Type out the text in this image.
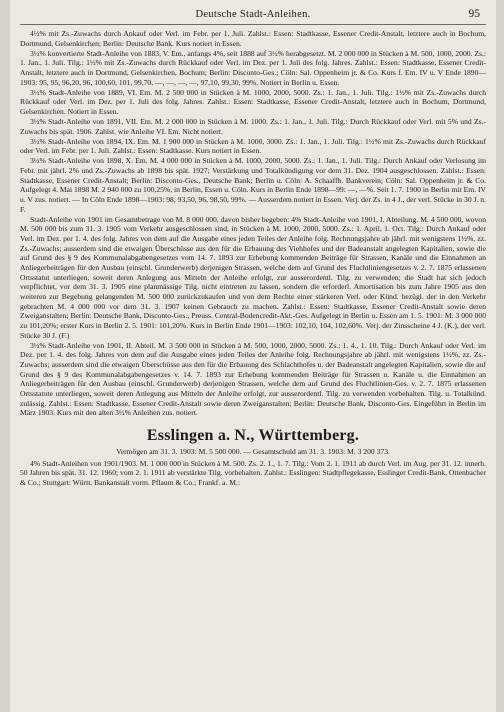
Deutsche Stadt-Anleihen.	95

4½% mit Zs.-Zuwachs durch Ankauf oder Verl. im Febr. per 1. Juli. Zahlst.: Essen: Stadtkasse, Essener Credit-Anstalt, letztere auch in Bochum, Dortmund, Gelsenkirchen; Berlin: Deutsche Bank. Kurs notiert in Essen.

3½% konvertierte Stadt-Anleihe von 1883, V. Em., anfangs 4%, seit 1888 auf 3½% herabgesetzt. M. 2 000 000 in Stücken à M. 500, 1000, 2000. Zs.: 1. Jan., 1. Juli. Tilg.: 1½% mit Zs.-Zuwachs durch Rückkauf oder Verl. im Dez. per 1. Juli des folg. Jahres. Zahlst.: Essen: Stadtkasse, Essener Credit-Anstalt, letztere auch in Dortmund, Gelsenkirchen, Bochum; Berlin: Disconto-Ges.; Cöln: Sal. Oppenheim jr. & Co. Kurs f. Em. IV u. V Ende 1890—1903: 95, 95, 96,20, 96, 100,60, 101, 99,70, —, —, —, —, 97,10, 99,30, 99%. Notiert in Berlin u. Essen.

3½% Stadt-Anleihe von 1889, VI. Em. M. 2 500 000 in Stücken à M. 1000, 2000, 5000. Zs.: 1. Jan., 1. Juli. Tilg.: 1½% mit Zs.-Zuwachs durch Rückkauf oder Verl. im Dez. per 1. Juli des folg. Jahres. Zahlst.: Essen: Stadtkasse, Essener Credit-Anstalt, letztere auch in Bochum, Dortmund, Gelsenkirchen. Notiert in Essen.

3½% Stadt-Anleihe von 1891, VII. Em. M. 2 000 000 in Stücken à M. 1000. Zs.: 1. Jan., 1. Juli. Tilg.: Durch Rückkauf oder Verl. mit 5% und Zs.-Zuwachs bis spät. 1906. Zahlst. wie Anleihe VI. Em. Nicht notiert.

3½% Stadt-Anleihe von 1894, IX. Em. M. 1 900 000 in Stücken à M. 1000, 3000. Zs.: 1. Jan., 1. Juli. Tilg.: 1½% mit Zs.-Zuwachs durch Rückkauf oder Verl. im Febr. per 1. Juli. Zahlst.: Essen: Stadtkasse. Kurs notiert in Essen.

3½% Stadt-Anleihe von 1898, X. Em. M. 4 000 000 in Stücken à M. 1000, 2000, 5000. Zs.: 1. Jan., 1. Juli. Tilg.: Durch Ankauf oder Verlosung im Febr. mit jährl. 2% und Zs.-Zuwachs ab 1898 bis spät. 1927; Verstärkung und Totalkündigung vor dem 31. Dez. 1904 ausgeschlossen. Zahlst.: Essen: Stadtkasse, Essener Credit-Anstalt; Berlin: Disconto-Ges., Deutsche Bank; Berlin u. Cöln: A. Schaaffh. Bankverein; Cöln: Sal. Oppenheim jr. & Co. Aufgelegt 4. Mai 1898 M. 2 940 000 zu 100,25%, in Berlin, Essen u. Cöln. Kurs in Berlin Ende 1898—99: —, —%. Seit 1. 7. 1900 in Berlin mit Em. IV u. V zus. notiert. — In Cöln Ende 1898—1903: 98, 93,50, 96, 98,50, 99%. — Ausserdem notiert in Essen. Verj. der Zs. in 4 J., der verl. Stücke in 30 J. n. F.

Stadt-Anleihe von 1901 im Gesamtbetrage von M. 8 000 000, davon bisher begeben: 4% Stadt-Anleihe von 1901, I. Abteilung. M. 4 500 000, wovon M. 500 000 bis zum 31. 3. 1905 vom Verkehr ausgeschlossen sind, in Stücken à M. 1000, 2000, 5000. Zs.: 1. April, 1. Oct. Tilg.: Durch Ankauf oder Verl. im Dez. per 1. 4. des folg. Jahres von dem auf die Ausgabe eines jeden Teiles der Anleihe folg. Rechnungsjahre ab jährl. mit wenigstens 1½%, zz. Zs.-Zuwachs; ausserdem sind die etwaigen Überschüsse aus den für die Erbauung des Viehhofes und der Badeanstalt angelegten Kapitalien, sowie die auf Grund des § 9 des Kommunalabgabengesetzes vom 14. 7. 1893 zur Erhebung kommenden Beiträge für Strassen, Kanäle und die Einnahmen an Anliegerbeiträgen für den Ausbau (einschl. Grunderwerb) derjenigen Strassen, welche dem auf Grund des Fluchtliniengesetzes v. 2. 7. 1875 erlassenen Ortsstatut unterliegen, soweit deren Anlegung aus Mitteln der Anleihe erfolgt, zur ausserordentl. Tilg. zu verwenden; die Stadt hat sich jedoch verpflichtet, vor dem 31. 3. 1905 eine planmässige Tilg. nicht eintreten zu lassen, sondern die erforderl. Amortisation bis zum Jahre 1905 aus den weiteren zur Begebung gelangenden M. 500 000 zurückzukaufen und von dem Rechte einer stärkeren Verl. oder Künd. bezügl. der in den Verkehr gebrachten M. 4 000 000 vor dem 31. 3. 1907 keinen Gebrauch zu machen. Zahlst.: Essen: Stadtkasse, Essener Credit-Anstalt sowie deren Zweiganstalten; Berlin: Deutsche Bank, Disconto-Ges., Preuss. Central-Bodencredit-Akt.-Ges. Aufgelegt in Berlin u. Essen am 1. 5. 1901: M. 3 000 000 zu 101,20%; erster Kurs in Berlin 2. 5. 1901: 101,20%. Kurs in Berlin Ende 1901—1903: 102,10, 104, 102,60%. Verj. der Zinsscheine 4 J. (K.), der verl. Stücke 30 J. (F.)

3½% Stadt-Anleihe von 1901, II. Abteil. M. 3 500 000 in Stücken à M. 500, 1000, 2000, 5000. Zs.: 1. 4., 1. 10. Tilg.: Durch Ankauf oder Verl. im Dez. per 1. 4. des folg. Jahres von dem auf die Ausgabe eines jeden Teiles der Anleihe folg. Rechnungsjahre ab jährl. mit wenigstens 1½%, zz. Zs.-Zuwachs; ausserdem sind die etwaigen Überschüsse aus den für die Erbauung des Schlachthofes u. der Badeanstalt angelegten Kapitalien, sowie die auf Grund des § 9 des Kommunalabgabengesetzes v. 14. 7. 1893 zur Erhebung kommenden Beiträge für Strassen u. Kanäle u. die Einnahmen an Anliegerbeiträgen für den Ausbau (einschl. Grunderwerb) derjenigen Strassen, welche dem auf Grund des Fluchtlinien-Ges. v. 2. 7. 1875 erlassenen Ortsstatute unterliegen, soweit deren Anlegung aus Mitteln der Anleihe erfolgt, zur ausserordentl. Tilg. zu verwenden vorbehalten. Tilg. u. Totalkünd. zulässig. Zahlst.: Essen: Stadtkasse, Essener Credit-Anstalt sowie deren Zweiganstalten; Berlin: Deutsche Bank, Disconto-Ges. Eingeführt in Berlin im März 1903. Kurs mit den alten 3½% Anleihen zus. notiert.

Esslingen a. N., Württemberg.
Vermögen am 31. 3. 1903: M. 5 500 000. — Gesamtschuld am 31. 3. 1903: M. 3 200 373.

4% Stadt-Anleihen von 1901/1903. M. 1 000 000 in Stücken à M. 500. Zs. 2. 1., 1. 7. Tilg.: Vom 2. 1. 1911 ab durch Verl. im Aug. per 31. 12. innerh. 50 Jahren bis spät. 31. 12. 1960; vom 2. 1. 1911 ab verstärkte Tilg. vorbehalten. Zahlst.: Esslingen: Stadtpflegekasse, Esslinger Credit-Bank, Ottenbacher & Co.; Stuttgart: Württ. Bankanstalt vorm. Pflaum & Co.; Frankf. a. M.:
